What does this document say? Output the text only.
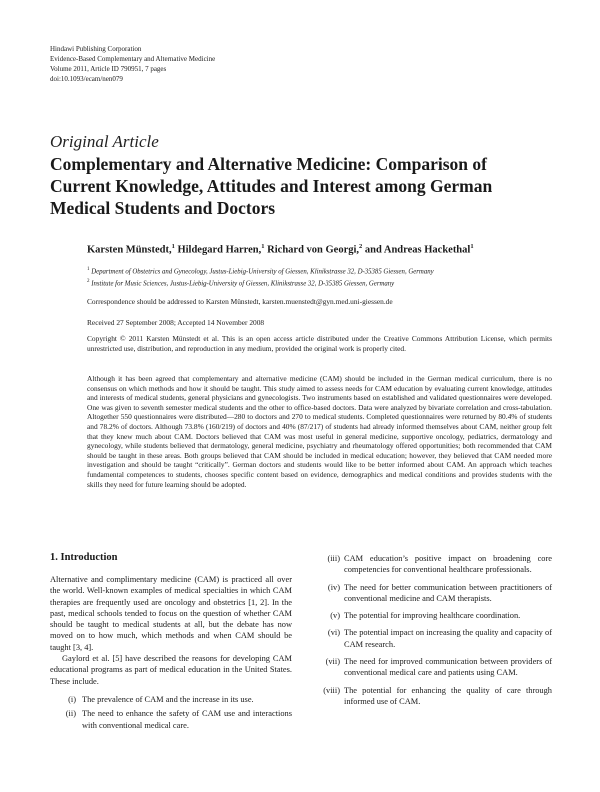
Hindawi Publishing Corporation
Evidence-Based Complementary and Alternative Medicine
Volume 2011, Article ID 790951, 7 pages
doi:10.1093/ecam/nen079
Original Article
Complementary and Alternative Medicine: Comparison of
Current Knowledge, Attitudes and Interest among German
Medical Students and Doctors
Karsten Münstedt,$^1$ Hildegard Harren,$^1$ Richard von Georgi,$^2$ and Andreas Hackethal$^1$
$^1$ Department of Obstetrics and Gynecology, Justus-Liebig-University of Giessen, Klinikstrasse 32, D-35385 Giessen, Germany
$^2$ Institute for Music Sciences, Justus-Liebig-University of Giessen, Klinikstrasse 32, D-35385 Giessen, Germany
Correspondence should be addressed to Karsten Münstedt, karsten.muenstedt@gyn.med.uni-giessen.de
Received 27 September 2008; Accepted 14 November 2008
Copyright © 2011 Karsten Münstedt et al. This is an open access article distributed under the Creative Commons Attribution License, which permits unrestricted use, distribution, and reproduction in any medium, provided the original work is properly cited.
Although it has been agreed that complementary and alternative medicine (CAM) should be included in the German medical curriculum, there is no consensus on which methods and how it should be taught. This study aimed to assess needs for CAM education by evaluating current knowledge, attitudes and interests of medical students, general physicians and gynecologists. Two instruments based on established and validated questionnaires were developed. One was given to seventh semester medical students and the other to office-based doctors. Data were analyzed by bivariate correlation and cross-tabulation. Altogether 550 questionnaires were distributed—280 to doctors and 270 to medical students. Completed questionnaires were returned by 80.4% of students and 78.2% of doctors. Although 73.8% (160/219) of doctors and 40% (87/217) of students had already informed themselves about CAM, neither group felt that they knew much about CAM. Doctors believed that CAM was most useful in general medicine, supportive oncology, pediatrics, dermatology and gynecology, while students believed that dermatology, general medicine, psychiatry and rheumatology offered opportunities; both recommended that CAM should be taught in these areas. Both groups believed that CAM should be included in medical education; however, they believed that CAM needed more investigation and should be taught “critically”. German doctors and students would like to be better informed about CAM. An approach which teaches fundamental competences to students, chooses specific content based on evidence, demographics and medical conditions and provides students with the skills they need for future learning should be adopted.
1. Introduction

Alternative and complimentary medicine (CAM) is practiced all over the world. Well-known examples of medical specialties in which CAM therapies are frequently used are oncology and obstetrics [1, 2]. In the past, medical schools tended to focus on the question of whether CAM should be taught to medical students at all, but the debate has now moved on to how much, which methods and when CAM should be taught [3, 4].

Gaylord et al. [5] have described the reasons for developing CAM educational programs as part of medical education in the United States. These include.

(i) The prevalence of CAM and the increase in its use.
(ii) The need to enhance the safety of CAM use and interactions with conventional medical care.
(iii) CAM education’s positive impact on broadening core competencies for conventional healthcare professionals.
(iv) The need for better communication between practitioners of conventional medicine and CAM therapists.
(v) The potential for improving healthcare coordination.
(vi) The potential impact on increasing the quality and capacity of CAM research.
(vii) The need for improved communication between providers of conventional medical care and patients using CAM.
(viii) The potential for enhancing the quality of care through informed use of CAM.
